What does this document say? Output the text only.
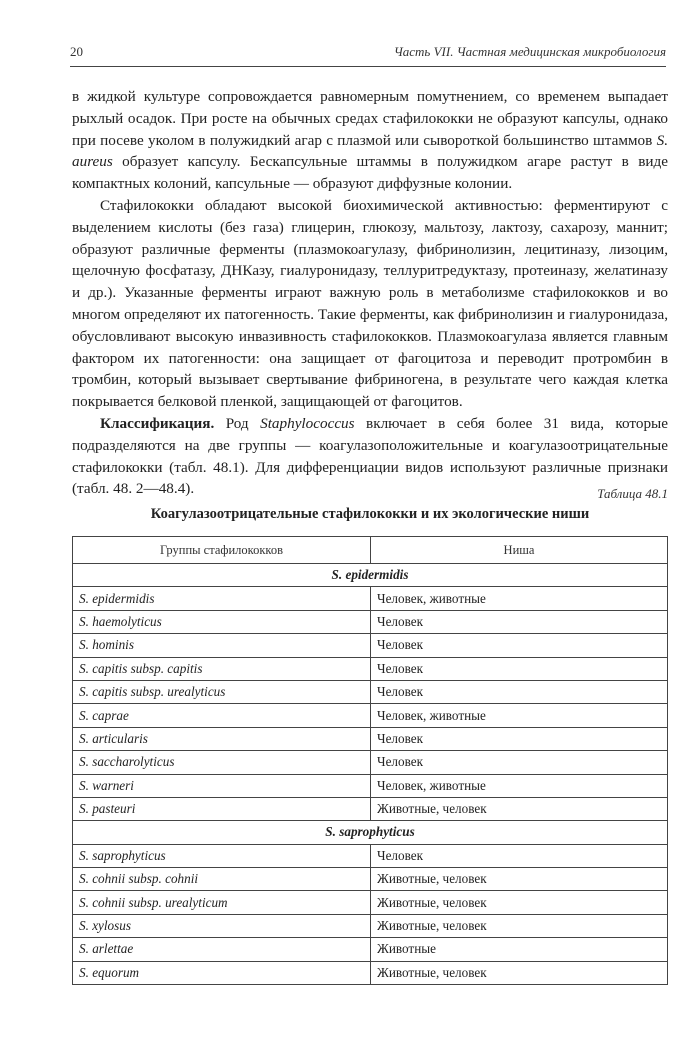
20	Часть VII. Частная медицинская микробиология

в жидкой культуре сопровождается равномерным помутнением, со временем выпадает рыхлый осадок. При росте на обычных средах стафилококки не образуют капсулы, однако при посеве уколом в полужидкий агар с плазмой или сывороткой большинство штаммов S. aureus образует капсулу. Бескапсульные штаммы в полужидком агаре растут в виде компактных колоний, капсульные — образуют диффузные колонии.

Стафилококки обладают высокой биохимической активностью: ферментируют с выделением кислоты (без газа) глицерин, глюкозу, мальтозу, лактозу, сахарозу, маннит; образуют различные ферменты (плазмокоагулазу, фибринолизин, лецитиназу, лизоцим, щелочную фосфатазу, ДНКазу, гиалуронидазу, теллуритредуктазу, протеиназу, желатиназу и др.). Указанные ферменты играют важную роль в метаболизме стафилококков и во многом определяют их патогенность. Такие ферменты, как фибринолизин и гиалуронидаза, обусловливают высокую инвазивность стафилококков. Плазмокоагулаза является главным фактором их патогенности: она защищает от фагоцитоза и переводит протромбин в тромбин, который вызывает свертывание фибриногена, в результате чего каждая клетка покрывается белковой пленкой, защищающей от фагоцитов.

Классификация. Род Staphylococcus включает в себя более 31 вида, которые подразделяются на две группы — коагулазоположительные и коагулазоотрицательные стафилококки (табл. 48.1). Для дифференциации видов используют различные признаки (табл. 48. 2—48.4).	Таблица 48.1
Коагулазоотрицательные стафилококки и их экологические ниши
Группы стафилококков	Ниша
S. epidermidis	
S. epidermidis	Человек, животные
S. haemolyticus	Человек
S. hominis	Человек
S. capitis subsp. capitis	Человек
S. capitis subsp. urealyticus	Человек
S. caprae	Человек, животные
S. articularis	Человек
S. saccharolyticus	Человек
S. warneri	Человек, животные
S. pasteuri	Животные, человек
S. saprophyticus	
S. saprophyticus	Человек
S. cohnii subsp. cohnii	Животные, человек
S. cohnii subsp. urealyticum	Животные, человек
S. xylosus	Животные, человек
S. arlettae	Животные
S. equorum	Животные, человек
